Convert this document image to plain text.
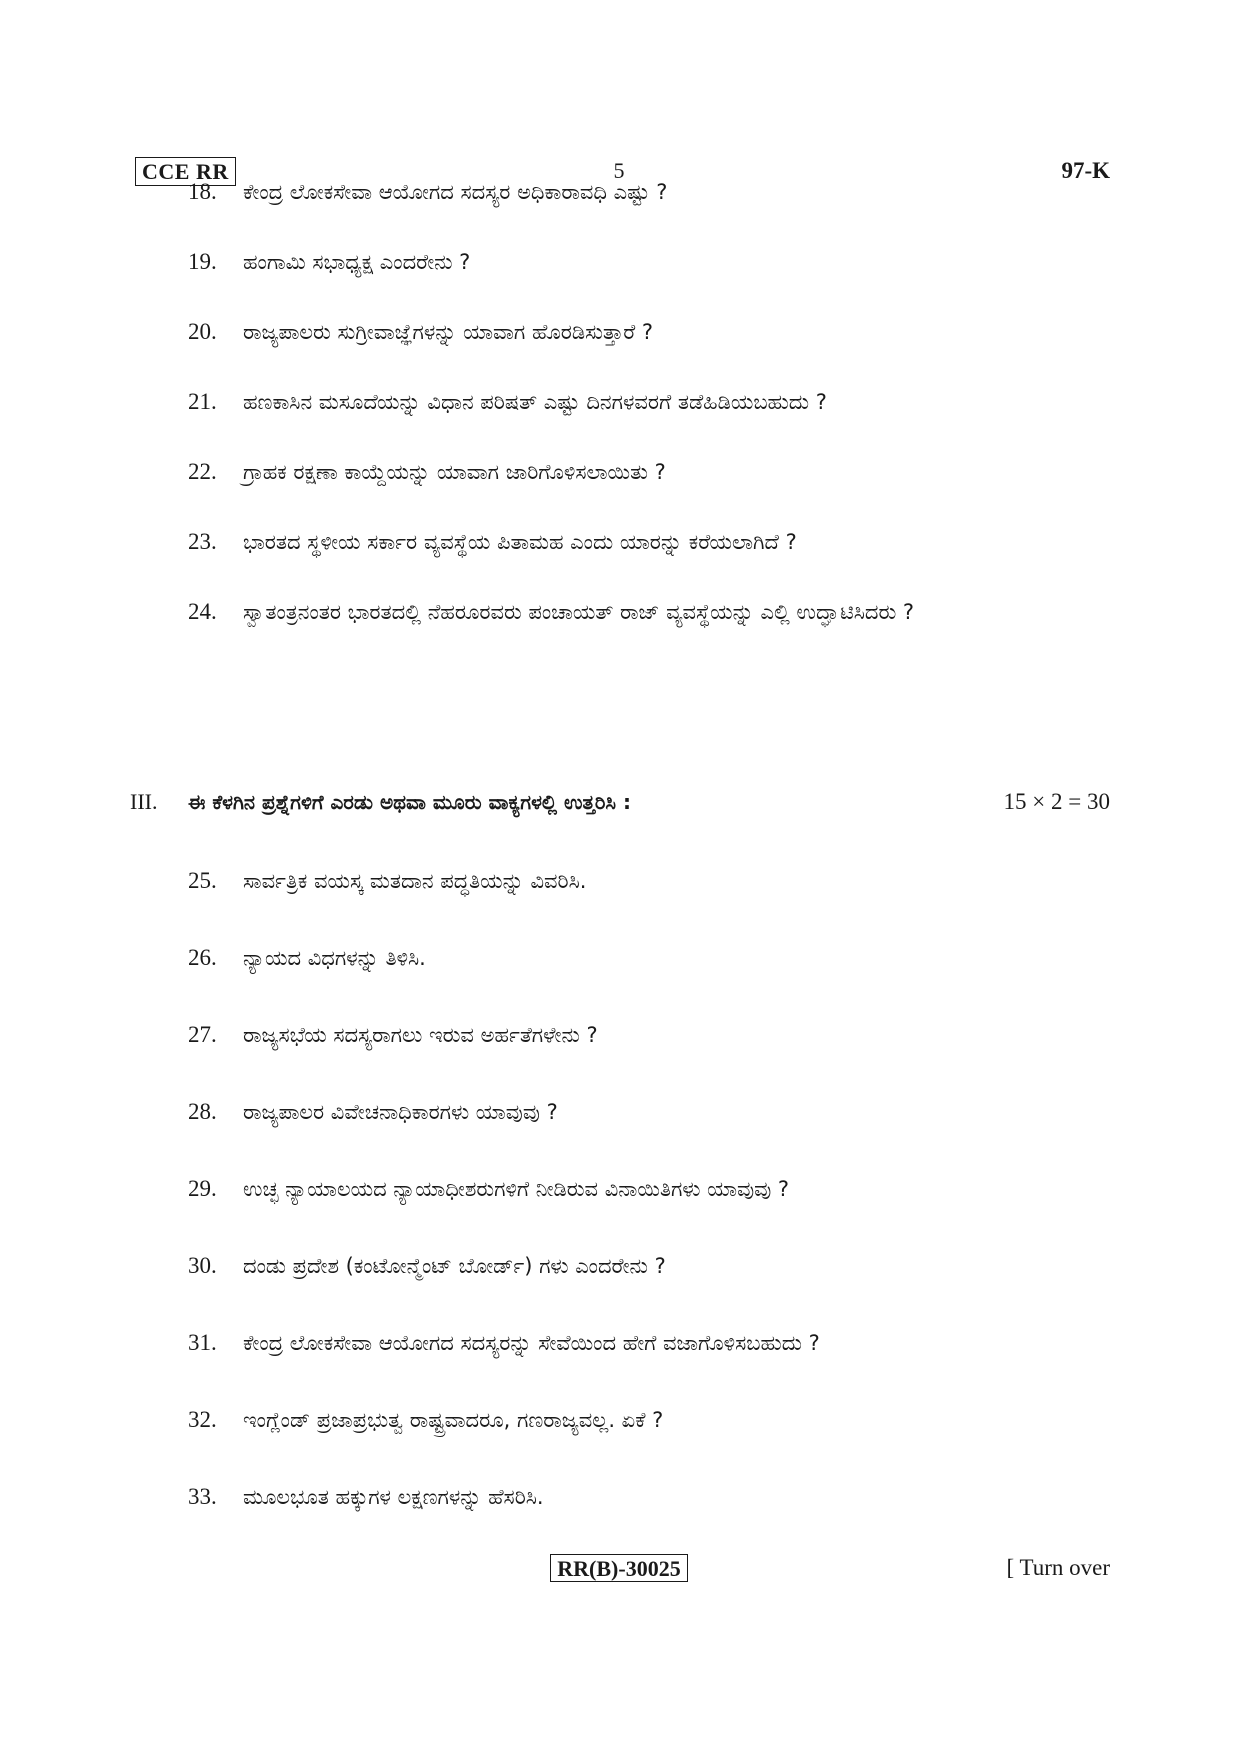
CCE RR	5	97-K
18.	ಕೇಂದ್ರ ಲೋಕಸೇವಾ ಆಯೋಗದ ಸದಸ್ಯರ ಅಧಿಕಾರಾವಧಿ ಎಷ್ಟು ?
19.	ಹಂಗಾಮಿ ಸಭಾಧ್ಯಕ್ಷ ಎಂದರೇನು ?
20.	ರಾಜ್ಯಪಾಲರು ಸುಗ್ರೀವಾಜ್ಞೆಗಳನ್ನು ಯಾವಾಗ ಹೊರಡಿಸುತ್ತಾರೆ ?
21.	ಹಣಕಾಸಿನ ಮಸೂದೆಯನ್ನು ವಿಧಾನ ಪರಿಷತ್ ಎಷ್ಟು ದಿನಗಳವರಗೆ ತಡೆಹಿಡಿಯಬಹುದು ?
22.	ಗ್ರಾಹಕ ರಕ್ಷಣಾ ಕಾಯ್ದೆಯನ್ನು ಯಾವಾಗ ಜಾರಿಗೊಳಿಸಲಾಯಿತು ?
23.	ಭಾರತದ ಸ್ಥಳೀಯ ಸರ್ಕಾರ ವ್ಯವಸ್ಥೆಯ ಪಿತಾಮಹ ಎಂದು ಯಾರನ್ನು ಕರೆಯಲಾಗಿದೆ ?
24.	ಸ್ವಾತಂತ್ರನಂತರ ಭಾರತದಲ್ಲಿ ನೆಹರೂರವರು ಪಂಚಾಯತ್ ರಾಜ್ ವ್ಯವಸ್ಥೆಯನ್ನು ಎಲ್ಲಿ ಉದ್ಘಾಟಿಸಿದರು ?
III.	ಈ ಕೆಳಗಿನ ಪ್ರಶ್ನೆಗಳಿಗೆ ಎರಡು ಅಥವಾ ಮೂರು ವಾಕ್ಯಗಳಲ್ಲಿ ಉತ್ತರಿಸಿ :	15 × 2 = 30
25.	ಸಾರ್ವತ್ರಿಕ ವಯಸ್ಕ ಮತದಾನ ಪದ್ಧತಿಯನ್ನು ವಿವರಿಸಿ.
26.	ನ್ಯಾಯದ ವಿಧಗಳನ್ನು ತಿಳಿಸಿ.
27.	ರಾಜ್ಯಸಭೆಯ ಸದಸ್ಯರಾಗಲು ಇರುವ ಅರ್ಹತೆಗಳೇನು ?
28.	ರಾಜ್ಯಪಾಲರ ವಿವೇಚನಾಧಿಕಾರಗಳು ಯಾವುವು ?
29.	ಉಚ್ಛ ನ್ಯಾಯಾಲಯದ ನ್ಯಾಯಾಧೀಶರುಗಳಿಗೆ ನೀಡಿರುವ ವಿನಾಯಿತಿಗಳು ಯಾವುವು ?
30.	ದಂಡು ಪ್ರದೇಶ (ಕಂಟೋನ್ಮೆಂಟ್ ಬೋರ್ಡ್) ಗಳು ಎಂದರೇನು ?
31.	ಕೇಂದ್ರ ಲೋಕಸೇವಾ ಆಯೋಗದ ಸದಸ್ಯರನ್ನು ಸೇವೆಯಿಂದ ಹೇಗೆ ವಜಾಗೊಳಿಸಬಹುದು ?
32.	ಇಂಗ್ಲೆಂಡ್ ಪ್ರಜಾಪ್ರಭುತ್ವ ರಾಷ್ಟ್ರವಾದರೂ, ಗಣರಾಜ್ಯವಲ್ಲ. ಏಕೆ ?
33.	ಮೂಲಭೂತ ಹಕ್ಕುಗಳ ಲಕ್ಷಣಗಳನ್ನು ಹೆಸರಿಸಿ.
RR(B)-30025	[ Turn over
